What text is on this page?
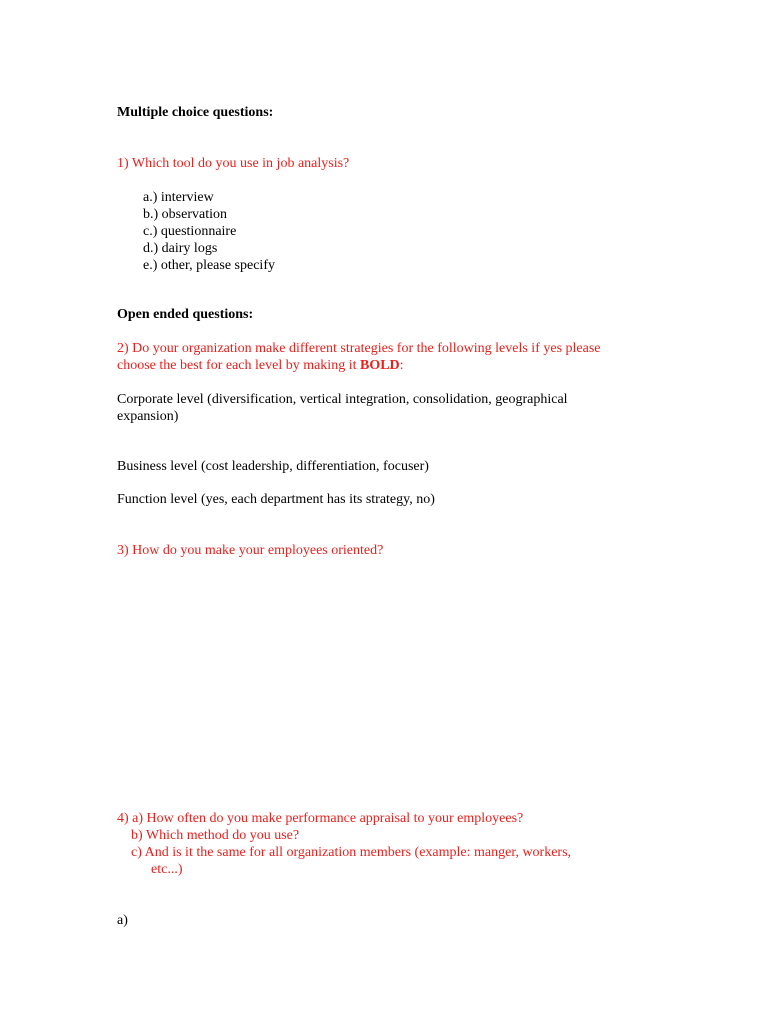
Multiple choice questions:
1) Which tool do you use in job analysis?
a.) interview
b.) observation
c.) questionnaire
d.) dairy logs
e.) other, please specify
Open ended questions:
2) Do your organization make different strategies for the following levels if yes please
choose the best for each level by making it BOLD:
Corporate level (diversification, vertical integration, consolidation, geographical
expansion)
Business level (cost leadership, differentiation, focuser)
Function level (yes, each department has its strategy, no)
3) How do you make your employees oriented?
4) a) How often do you make performance appraisal to your employees?
b) Which method do you use?
c) And is it the same for all organization members (example: manger, workers,
etc...)
a)
